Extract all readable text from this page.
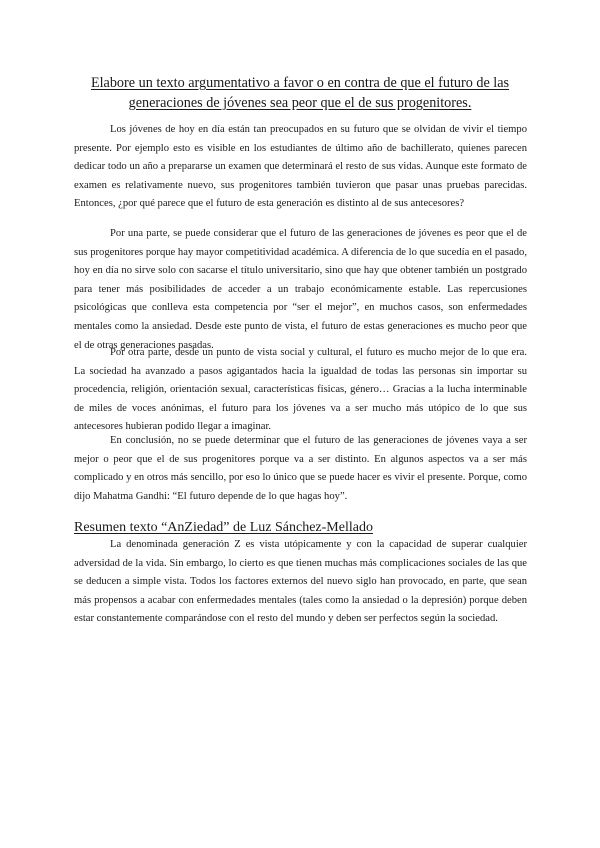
Elabore un texto argumentativo a favor o en contra de que el futuro de las generaciones de jóvenes sea peor que el de sus progenitores.

Los jóvenes de hoy en día están tan preocupados en su futuro que se olvidan de vivir el tiempo presente. Por ejemplo esto es visible en los estudiantes de último año de bachillerato, quienes parecen dedicar todo un año a prepararse un examen que determinará el resto de sus vidas. Aunque este formato de examen es relativamente nuevo, sus progenitores también tuvieron que pasar unas pruebas parecidas. Entonces, ¿por qué parece que el futuro de esta generación es distinto al de sus antecesores?

Por una parte, se puede considerar que el futuro de las generaciones de jóvenes es peor que el de sus progenitores porque hay mayor competitividad académica. A diferencia de lo que sucedía en el pasado, hoy en día no sirve solo con sacarse el título universitario, sino que hay que obtener también un postgrado para tener más posibilidades de acceder a un trabajo económicamente estable. Las repercusiones psicológicas que conlleva esta competencia por “ser el mejor”, en muchos casos, son enfermedades mentales como la ansiedad. Desde este punto de vista, el futuro de estas generaciones es mucho peor que el de otras generaciones pasadas.

Por otra parte, desde un punto de vista social y cultural, el futuro es mucho mejor de lo que era. La sociedad ha avanzado a pasos agigantados hacia la igualdad de todas las personas sin importar su procedencia, religión, orientación sexual, características físicas, género… Gracias a la lucha interminable de miles de voces anónimas, el futuro para los jóvenes va a ser mucho más utópico de lo que sus antecesores hubieran podido llegar a imaginar.

En conclusión, no se puede determinar que el futuro de las generaciones de jóvenes vaya a ser mejor o peor que el de sus progenitores porque va a ser distinto. En algunos aspectos va a ser más complicado y en otros más sencillo, por eso lo único que se puede hacer es vivir el presente. Porque, como dijo Mahatma Gandhi: “El futuro depende de lo que hagas hoy”.

Resumen texto “AnZiedad” de Luz Sánchez-Mellado

La denominada generación Z es vista utópicamente y con la capacidad de superar cualquier adversidad de la vida. Sin embargo, lo cierto es que tienen muchas más complicaciones sociales de las que se deducen a simple vista. Todos los factores externos del nuevo siglo han provocado, en parte, que sean más propensos a acabar con enfermedades mentales (tales como la ansiedad o la depresión) porque deben estar constantemente comparándose con el resto del mundo y deben ser perfectos según la sociedad.
